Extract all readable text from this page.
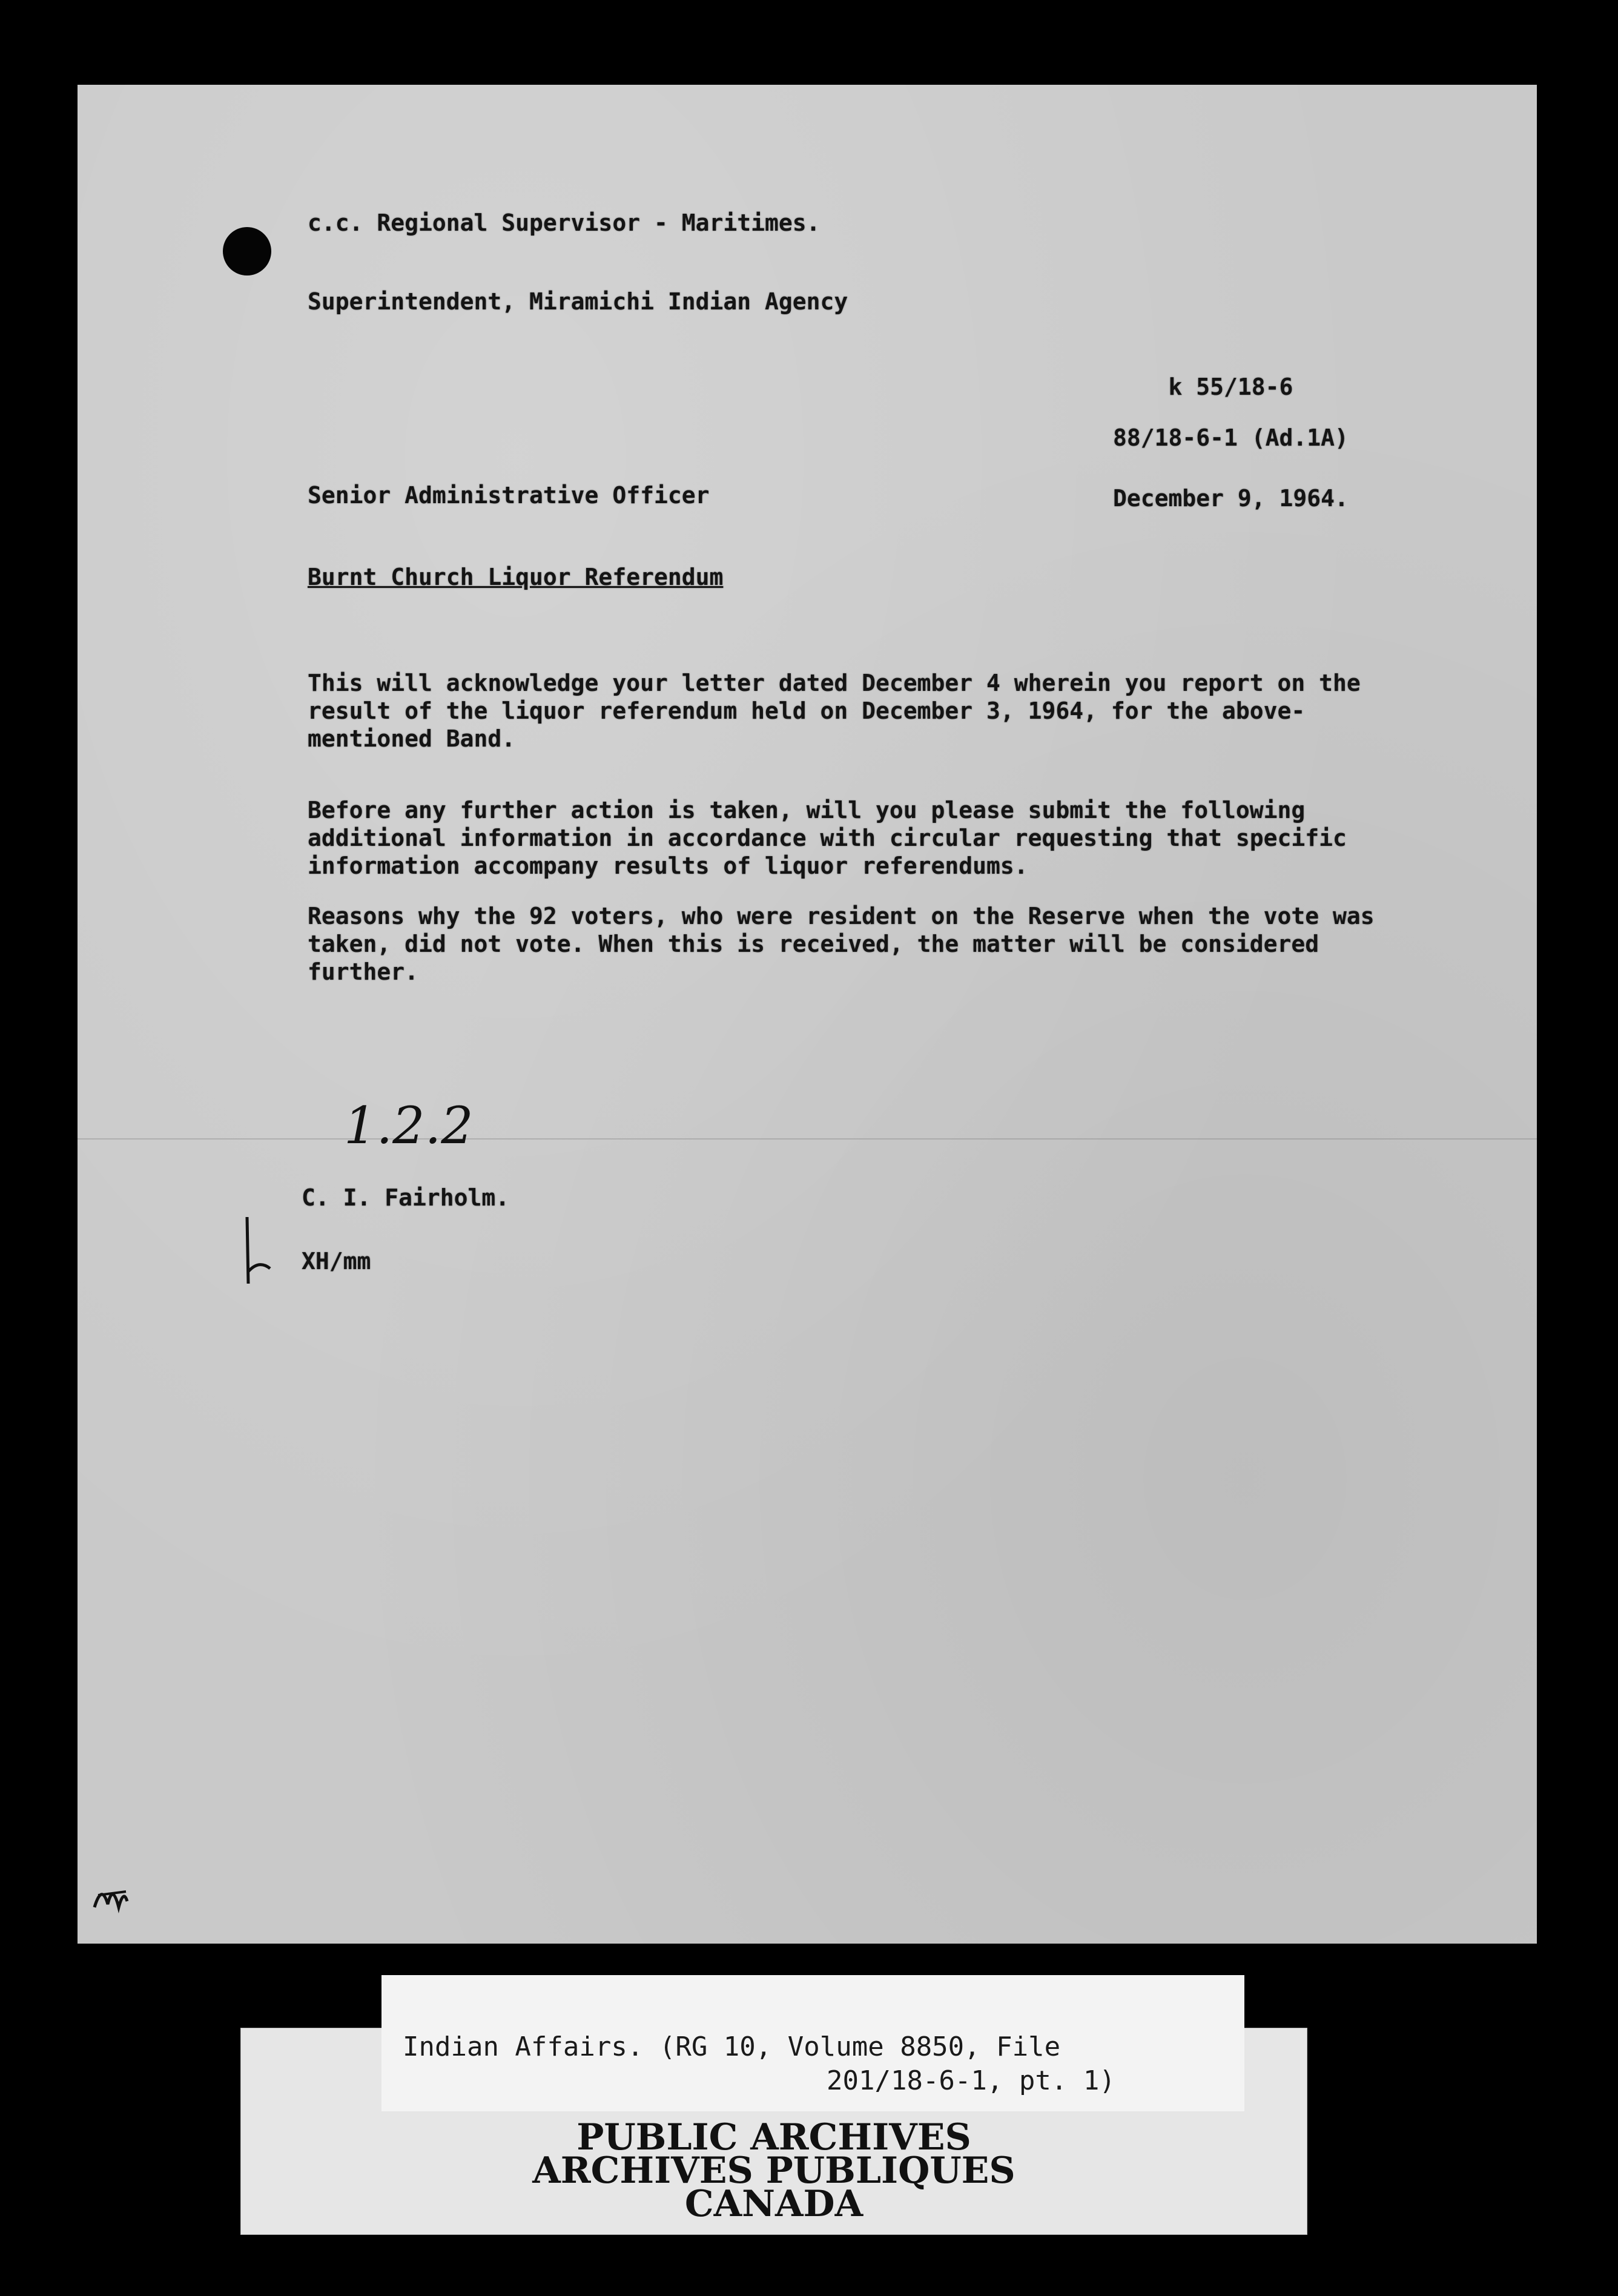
c.c. Regional Supervisor - Maritimes.
Superintendent, Miramichi Indian Agency

k 55/18-6

88/18-6-1 (Ad.1A)
Senior Administrative Officer	December 9, 1964.
Burnt Church Liquor Referendum
This will acknowledge your letter dated December 4 wherein you report on the result of the liquor referendum held on December 3, 1964, for the above-mentioned Band.
Before any further action is taken, will you please submit the following additional information in accordance with circular requesting that specific information accompany results of liquor referendums.
Reasons why the 92 voters, who were resident on the Reserve when the vote was taken, did not vote. When this is received, the matter will be considered further.
1.2.2
C. I. Fairholm.
XH/mm
PUBLIC ARCHIVES
ARCHIVES PUBLIQUES
CANADA
Indian Affairs. (RG 10, Volume 8850, File
201/18-6-1, pt. 1)
